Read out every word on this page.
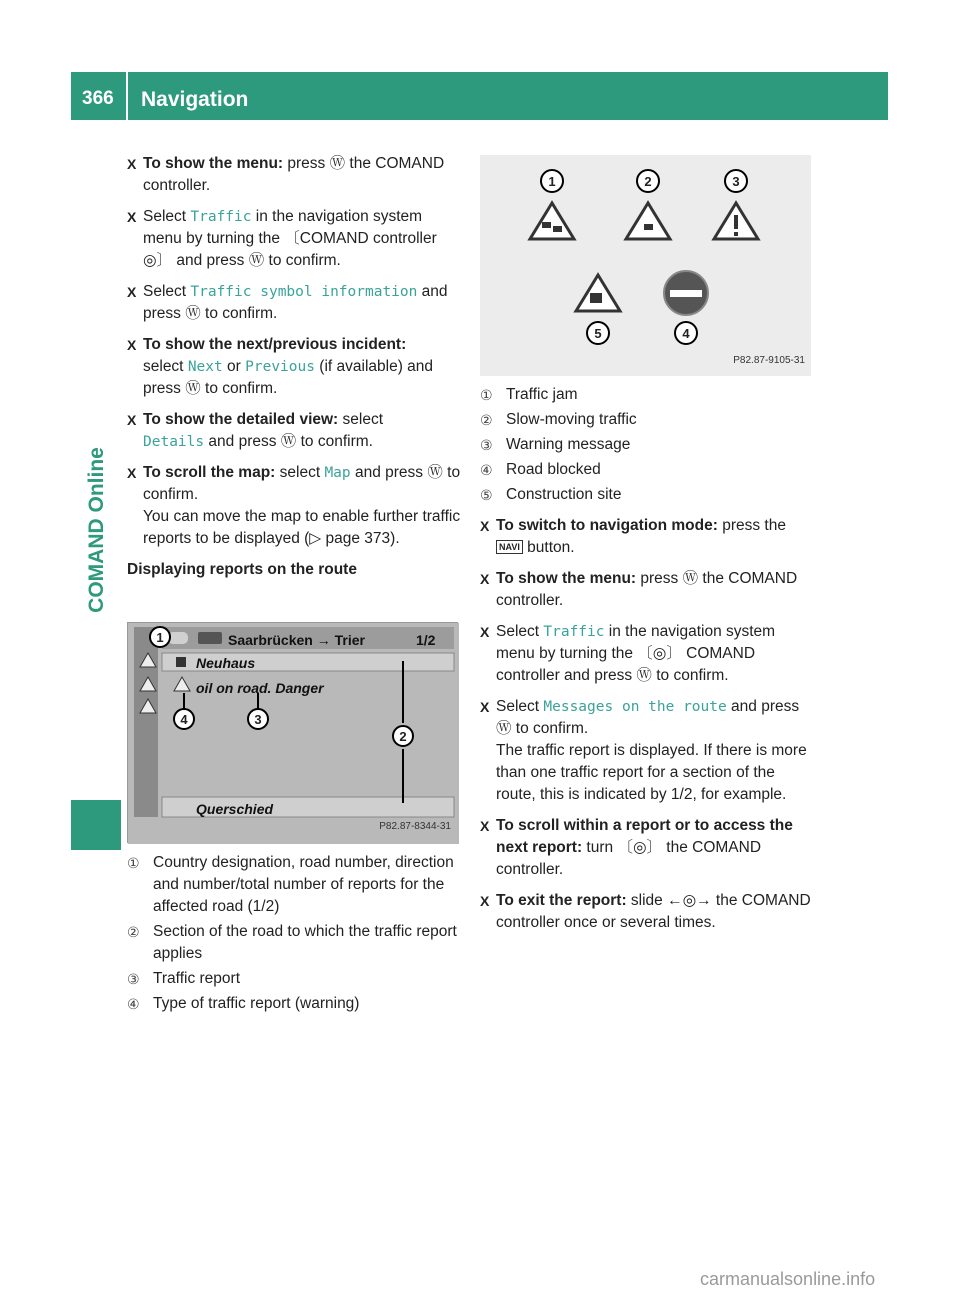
366 Navigation
COMAND Online
X To show the menu: press Ⓦ the COMAND controller.
X Select Traffic in the navigation system menu by turning the 〔COMAND controller ◎〕 and press Ⓦ to confirm.
X Select Traffic symbol information and press Ⓦ to confirm.
X To show the next/previous incident:
select Next or Previous (if available) and press Ⓦ to confirm.
X To show the detailed view: select
Details and press Ⓦ to confirm.
X To scroll the map: select Map and press Ⓦ to confirm.
You can move the map to enable further traffic reports to be displayed (▷ page 373).
Displaying reports on the route
1
4	3
2
Saarbrücken → Trier	1/2
Neuhaus
oil on road. Danger
Querschied
P82.87-8344-31
① Country designation, road number, direction and number/total number of reports for the affected road (1/2)
② Section of the road to which the traffic report applies
③ Traffic report
④ Type of traffic report (warning)
1	2	3
5	4
P82.87-9105-31
① Traffic jam
② Slow-moving traffic
③ Warning message
④ Road blocked
⑤ Construction site
X To switch to navigation mode: press the NAVI button.
X To show the menu: press Ⓦ the COMAND controller.
X Select Traffic in the navigation system menu by turning the 〔◎〕 COMAND controller and press Ⓦ to confirm.
X Select Messages on the route and press Ⓦ to confirm.
The traffic report is displayed. If there is more than one traffic report for a section of the route, this is indicated by 1/2, for example.
X To scroll within a report or to access the next report: turn 〔◎〕 the COMAND controller.
X To exit the report: slide ←◎→ the COMAND controller once or several times.
carmanualsonline.info
